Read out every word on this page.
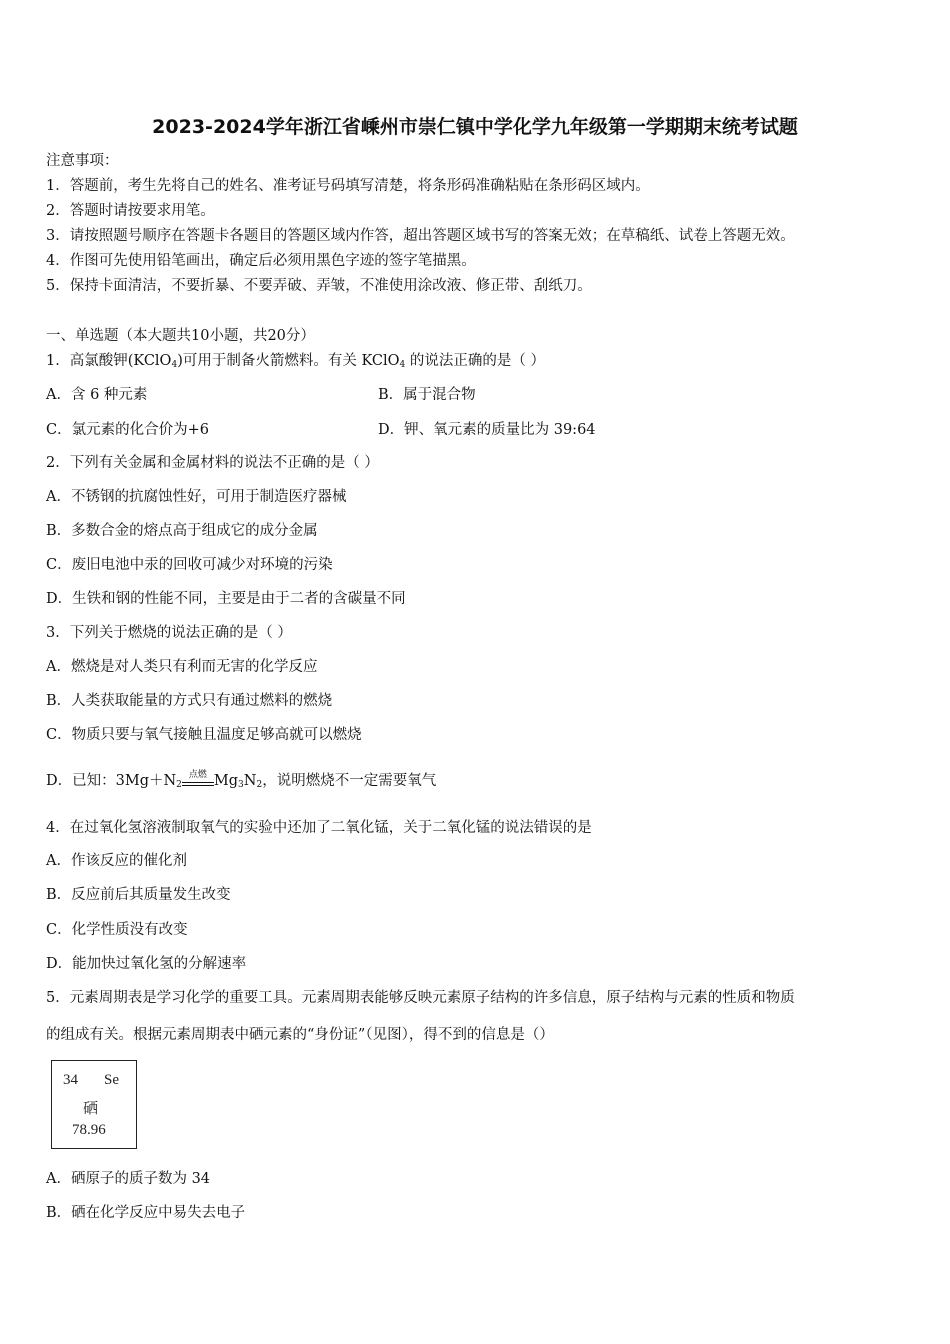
2023-2024学年浙江省嵊州市崇仁镇中学化学九年级第一学期期末统考试题
注意事项：
1．答题前，考生先将自己的姓名、准考证号码填写清楚，将条形码准确粘贴在条形码区域内。
2．答题时请按要求用笔。
3．请按照题号顺序在答题卡各题目的答题区域内作答，超出答题区域书写的答案无效；在草稿纸、试卷上答题无效。
4．作图可先使用铅笔画出，确定后必须用黑色字迹的签字笔描黑。
5．保持卡面清洁，不要折暴、不要弄破、弄皱，不准使用涂改液、修正带、刮纸刀。
一、单选题（本大题共10小题，共20分）
1．高氯酸钾(KClO$_4$)可用于制备火箭燃料。有关 KClO$_4$ 的说法正确的是（ ）
A．含 6 种元素	B．属于混合物
C．氯元素的化合价为+6	D．钾、氧元素的质量比为 39:64
2．下列有关金属和金属材料的说法不正确的是（ ）
A．不锈钢的抗腐蚀性好，可用于制造医疗器械
B．多数合金的熔点高于组成它的成分金属
C．废旧电池中汞的回收可减少对环境的污染
D．生铁和钢的性能不同，主要是由于二者的含碳量不同
3．下列关于燃烧的说法正确的是（ ）
A．燃烧是对人类只有利而无害的化学反应
B．人类获取能量的方式只有通过燃料的燃烧
C．物质只要与氧气接触且温度足够高就可以燃烧
D．已知：$3Mg+N_2$
点燃 $Mg_3N_2$，说明燃烧不一定需要氧气
4．在过氧化氢溶液制取氧气的实验中还加了二氧化锰，关于二氧化锰的说法错误的是
A．作该反应的催化剂
B．反应前后其质量发生改变
C．化学性质没有改变
D．能加快过氧化氢的分解速率
5．元素周期表是学习化学的重要工具。元素周期表能够反映元素原子结构的许多信息，原子结构与元素的性质和物质
的组成有关。根据元素周期表中硒元素的“身份证”（见图），得不到的信息是（）
34 Se
硒
78.96
A．硒原子的质子数为 34
B．硒在化学反应中易失去电子
